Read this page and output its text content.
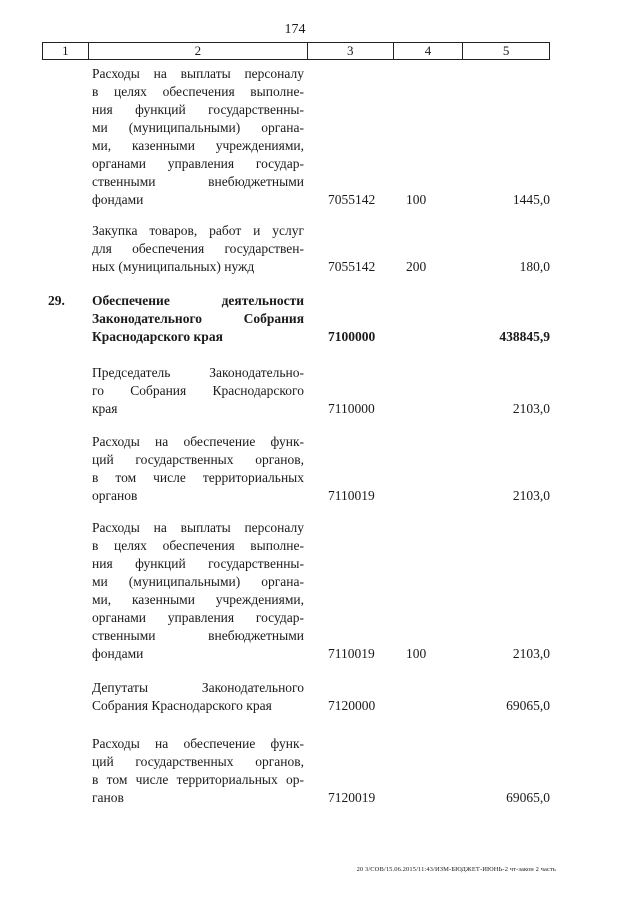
174
1	2	3	4	5
Расходы на выплаты персоналу
в целях обеспечения выполне-
ния функций государственны-
ми (муниципальными) органа-
ми, казенными учреждениями,
органами управления государ-
ственными внебюджетными
фондами	7055142 100	1445,0
Закупка товаров, работ и услуг
для обеспечения государствен-
ных (муниципальных) нужд	7055142 200	180,0
29. Обеспечение деятельности
Законодательного Собрания
Краснодарского края	7100000	438845,9
Председатель Законодательно-
го Собрания Краснодарского
края	7110000	2103,0
Расходы на обеспечение функ-
ций государственных органов,
в том числе территориальных
органов	7110019	2103,0
Расходы на выплаты персоналу
в целях обеспечения выполне-
ния функций государственны-
ми (муниципальными) органа-
ми, казенными учреждениями,
органами управления государ-
ственными внебюджетными
фондами	7110019 100	2103,0
Депутаты Законодательного
Собрания Краснодарского края	7120000	69065,0
Расходы на обеспечение функ-
ций государственных органов,
в том числе территориальных ор-
ганов	7120019	69065,0
20 3/СОВ/15.06.2015/11:43/ИЗМ-БЮДЖЕТ-ИЮНЬ-2 чт-закон 2 часть
